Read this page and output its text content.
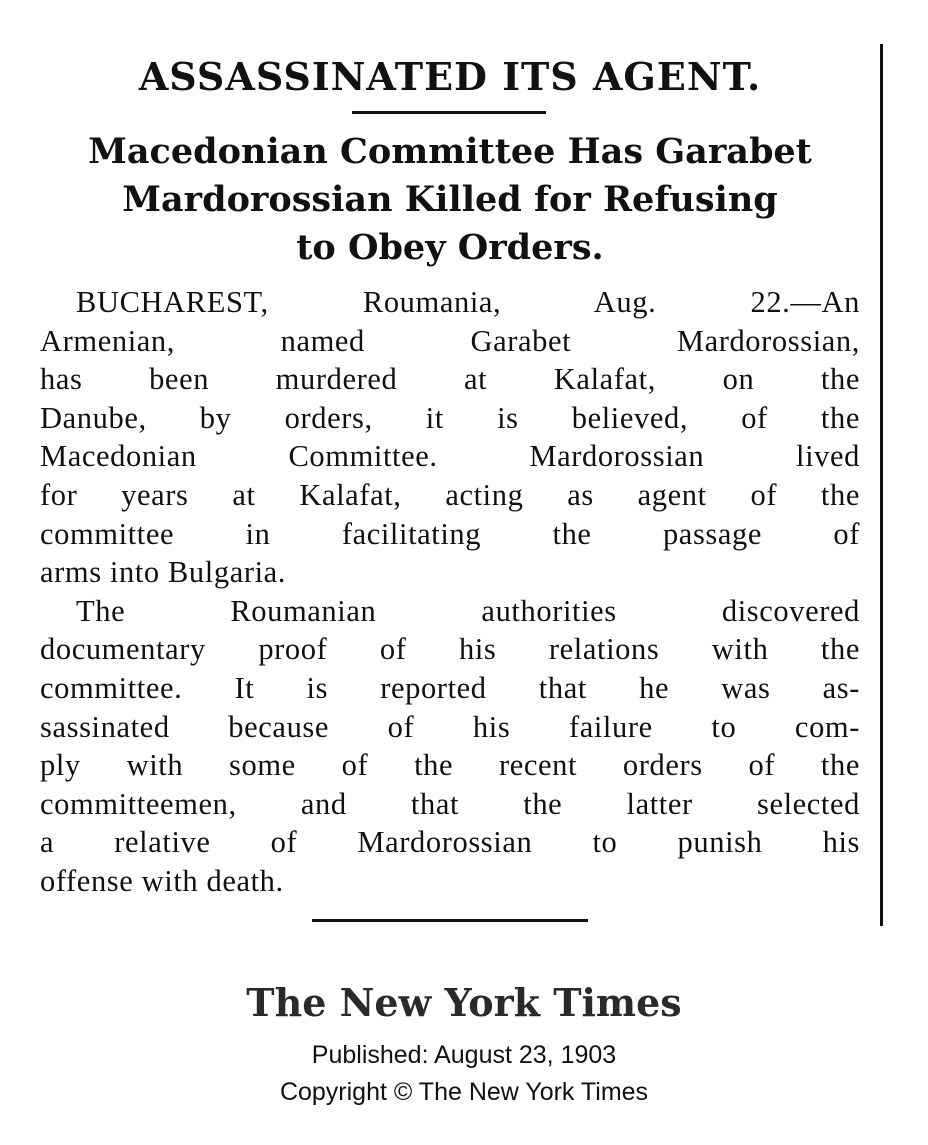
ASSASSINATED ITS AGENT.
Macedonian Committee Has Garabet
Mardorossian Killed for Refusing
to Obey Orders.
BUCHAREST, Roumania, Aug. 22.—An
Armenian, named Garabet Mardorossian,
has been murdered at Kalafat, on the
Danube, by orders, it is believed, of the
Macedonian Committee. Mardorossian lived
for years at Kalafat, acting as agent of the
committee in facilitating the passage of
arms into Bulgaria.
The Roumanian authorities discovered
documentary proof of his relations with the
committee. It is reported that he was as-
sassinated because of his failure to com-
ply with some of the recent orders of the
committeemen, and that the latter selected
a relative of Mardorossian to punish his
offense with death.
The New York Times
Published: August 23, 1903
Copyright © The New York Times
